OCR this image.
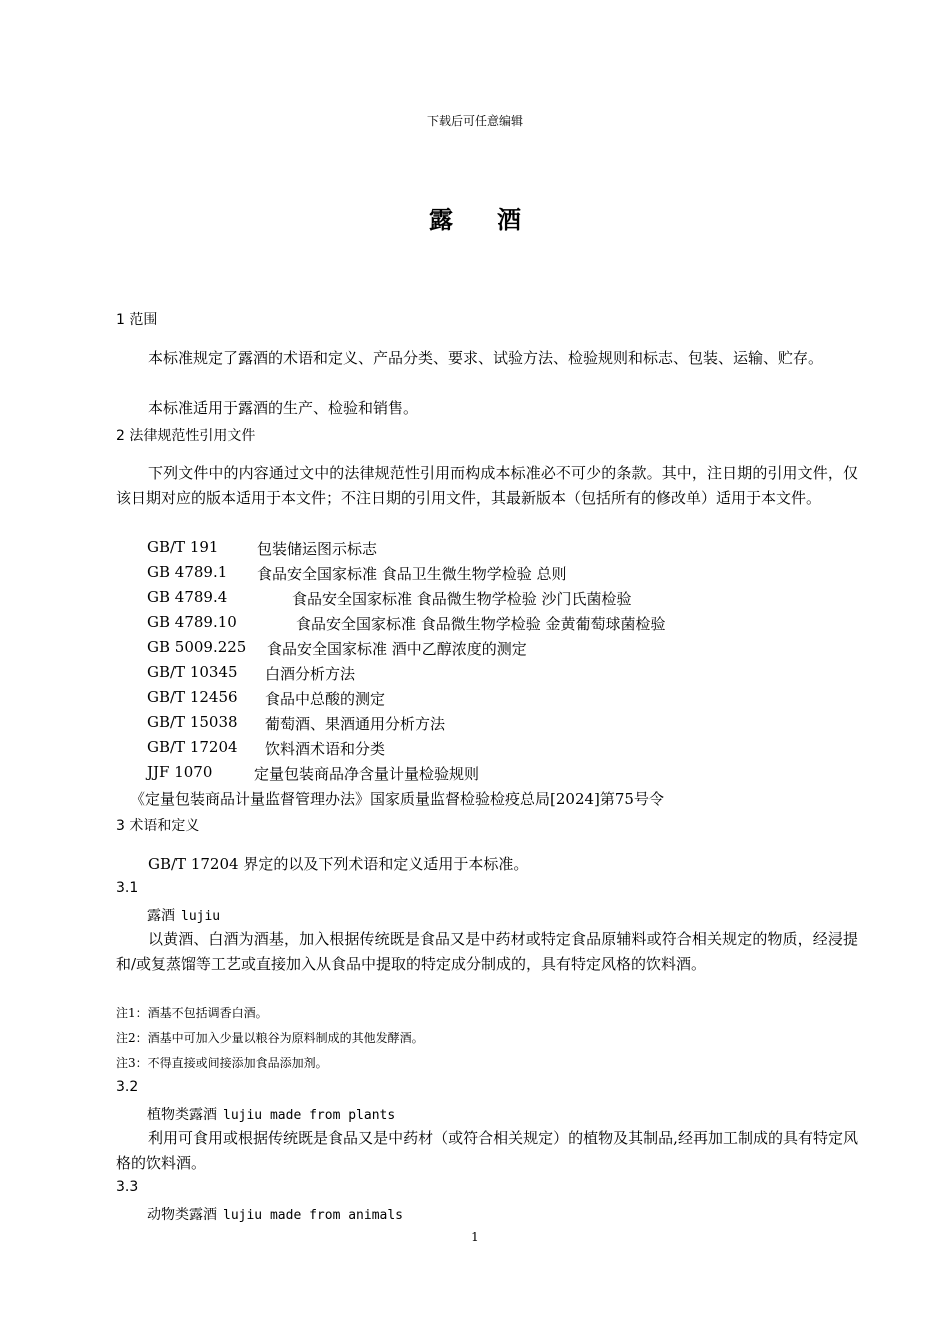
下载后可任意编辑
露酒
1 范围
本标准规定了露酒的术语和定义、产品分类、要求、试验方法、检验规则和标志、包装、运输、贮存。
本标准适用于露酒的生产、检验和销售。
2 法律规范性引用文件
下列文件中的内容通过文中的法律规范性引用而构成本标准必不可少的条款。其中，注日期的引用文件，仅该日期对应的版本适用于本文件；不注日期的引用文件，其最新版本（包括所有的修改单）适用于本文件。
GB/T 191	包装储运图示标志
GB 4789.1 食品安全国家标准 食品卫生微生物学检验 总则
GB 4789.4	食品安全国家标准 食品微生物学检验 沙门氏菌检验
GB 4789.10	食品安全国家标准 食品微生物学检验 金黄葡萄球菌检验
GB 5009.225 食品安全国家标准 酒中乙醇浓度的测定
GB/T 10345 白酒分析方法
GB/T 12456 食品中总酸的测定
GB/T 15038 葡萄酒、果酒通用分析方法
GB/T 17204 饮料酒术语和分类
JJF 1070	定量包装商品净含量计量检验规则
《定量包装商品计量监督管理办法》国家质量监督检验检疫总局[2024]第75号令
3 术语和定义
GB/T 17204 界定的以及下列术语和定义适用于本标准。
3.1
露酒 lujiu
以黄酒、白酒为酒基，加入根据传统既是食品又是中药材或特定食品原辅料或符合相关规定的物质，经浸提和/或复蒸馏等工艺或直接加入从食品中提取的特定成分制成的，具有特定风格的饮料酒。
注1：酒基不包括调香白酒。
注2：酒基中可加入少量以粮谷为原料制成的其他发酵酒。
注3：不得直接或间接添加食品添加剂。
3.2
植物类露酒 lujiu made from plants
利用可食用或根据传统既是食品又是中药材（或符合相关规定）的植物及其制品,经再加工制成的具有特定风格的饮料酒。
3.3
动物类露酒 lujiu made from animals
1
